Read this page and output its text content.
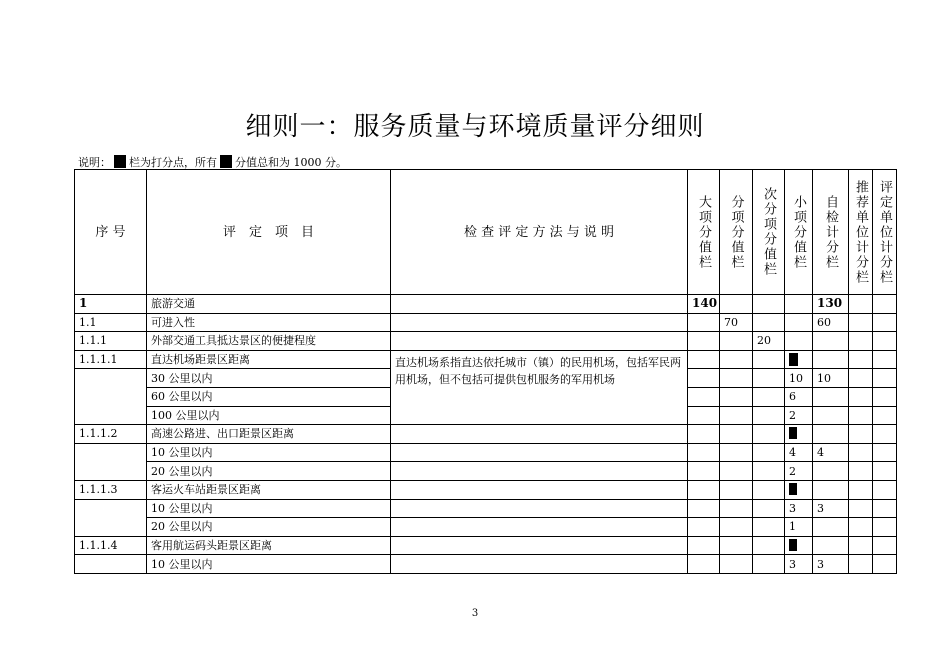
细则一：服务质量与环境质量评分细则
说明： 栏为打分点，所有 分值总和为 1000 分。
序 号	评　定　项　目	检 查 评 定 方 法 与 说 明	大项分值栏	分项分值栏	次分项分值栏	小项分值栏	自检计分栏	推荐单位计分栏	评定单位计分栏

1	旅游交通		140				130		
1.1	可进入性			70			60		
1.1.1	外部交通工具抵达景区的便捷程度				20				
1.1.1.1	直达机场距景区距离	直达机场系指直达依托城市（镇）的民用机场，包括军民两用机场，但不包括可提供包机服务的军用机场							
	30 公里以内					10	10		
	60 公里以内					6			
	100 公里以内					2			
1.1.1.2	高速公路进、出口距景区距离								
	10 公里以内					4	4		
	20 公里以内					2			
1.1.1.3	客运火车站距景区距离								
	10 公里以内					3	3		
	20 公里以内					1			
1.1.1.4	客用航运码头距景区距离								
	10 公里以内					3	3		
3
